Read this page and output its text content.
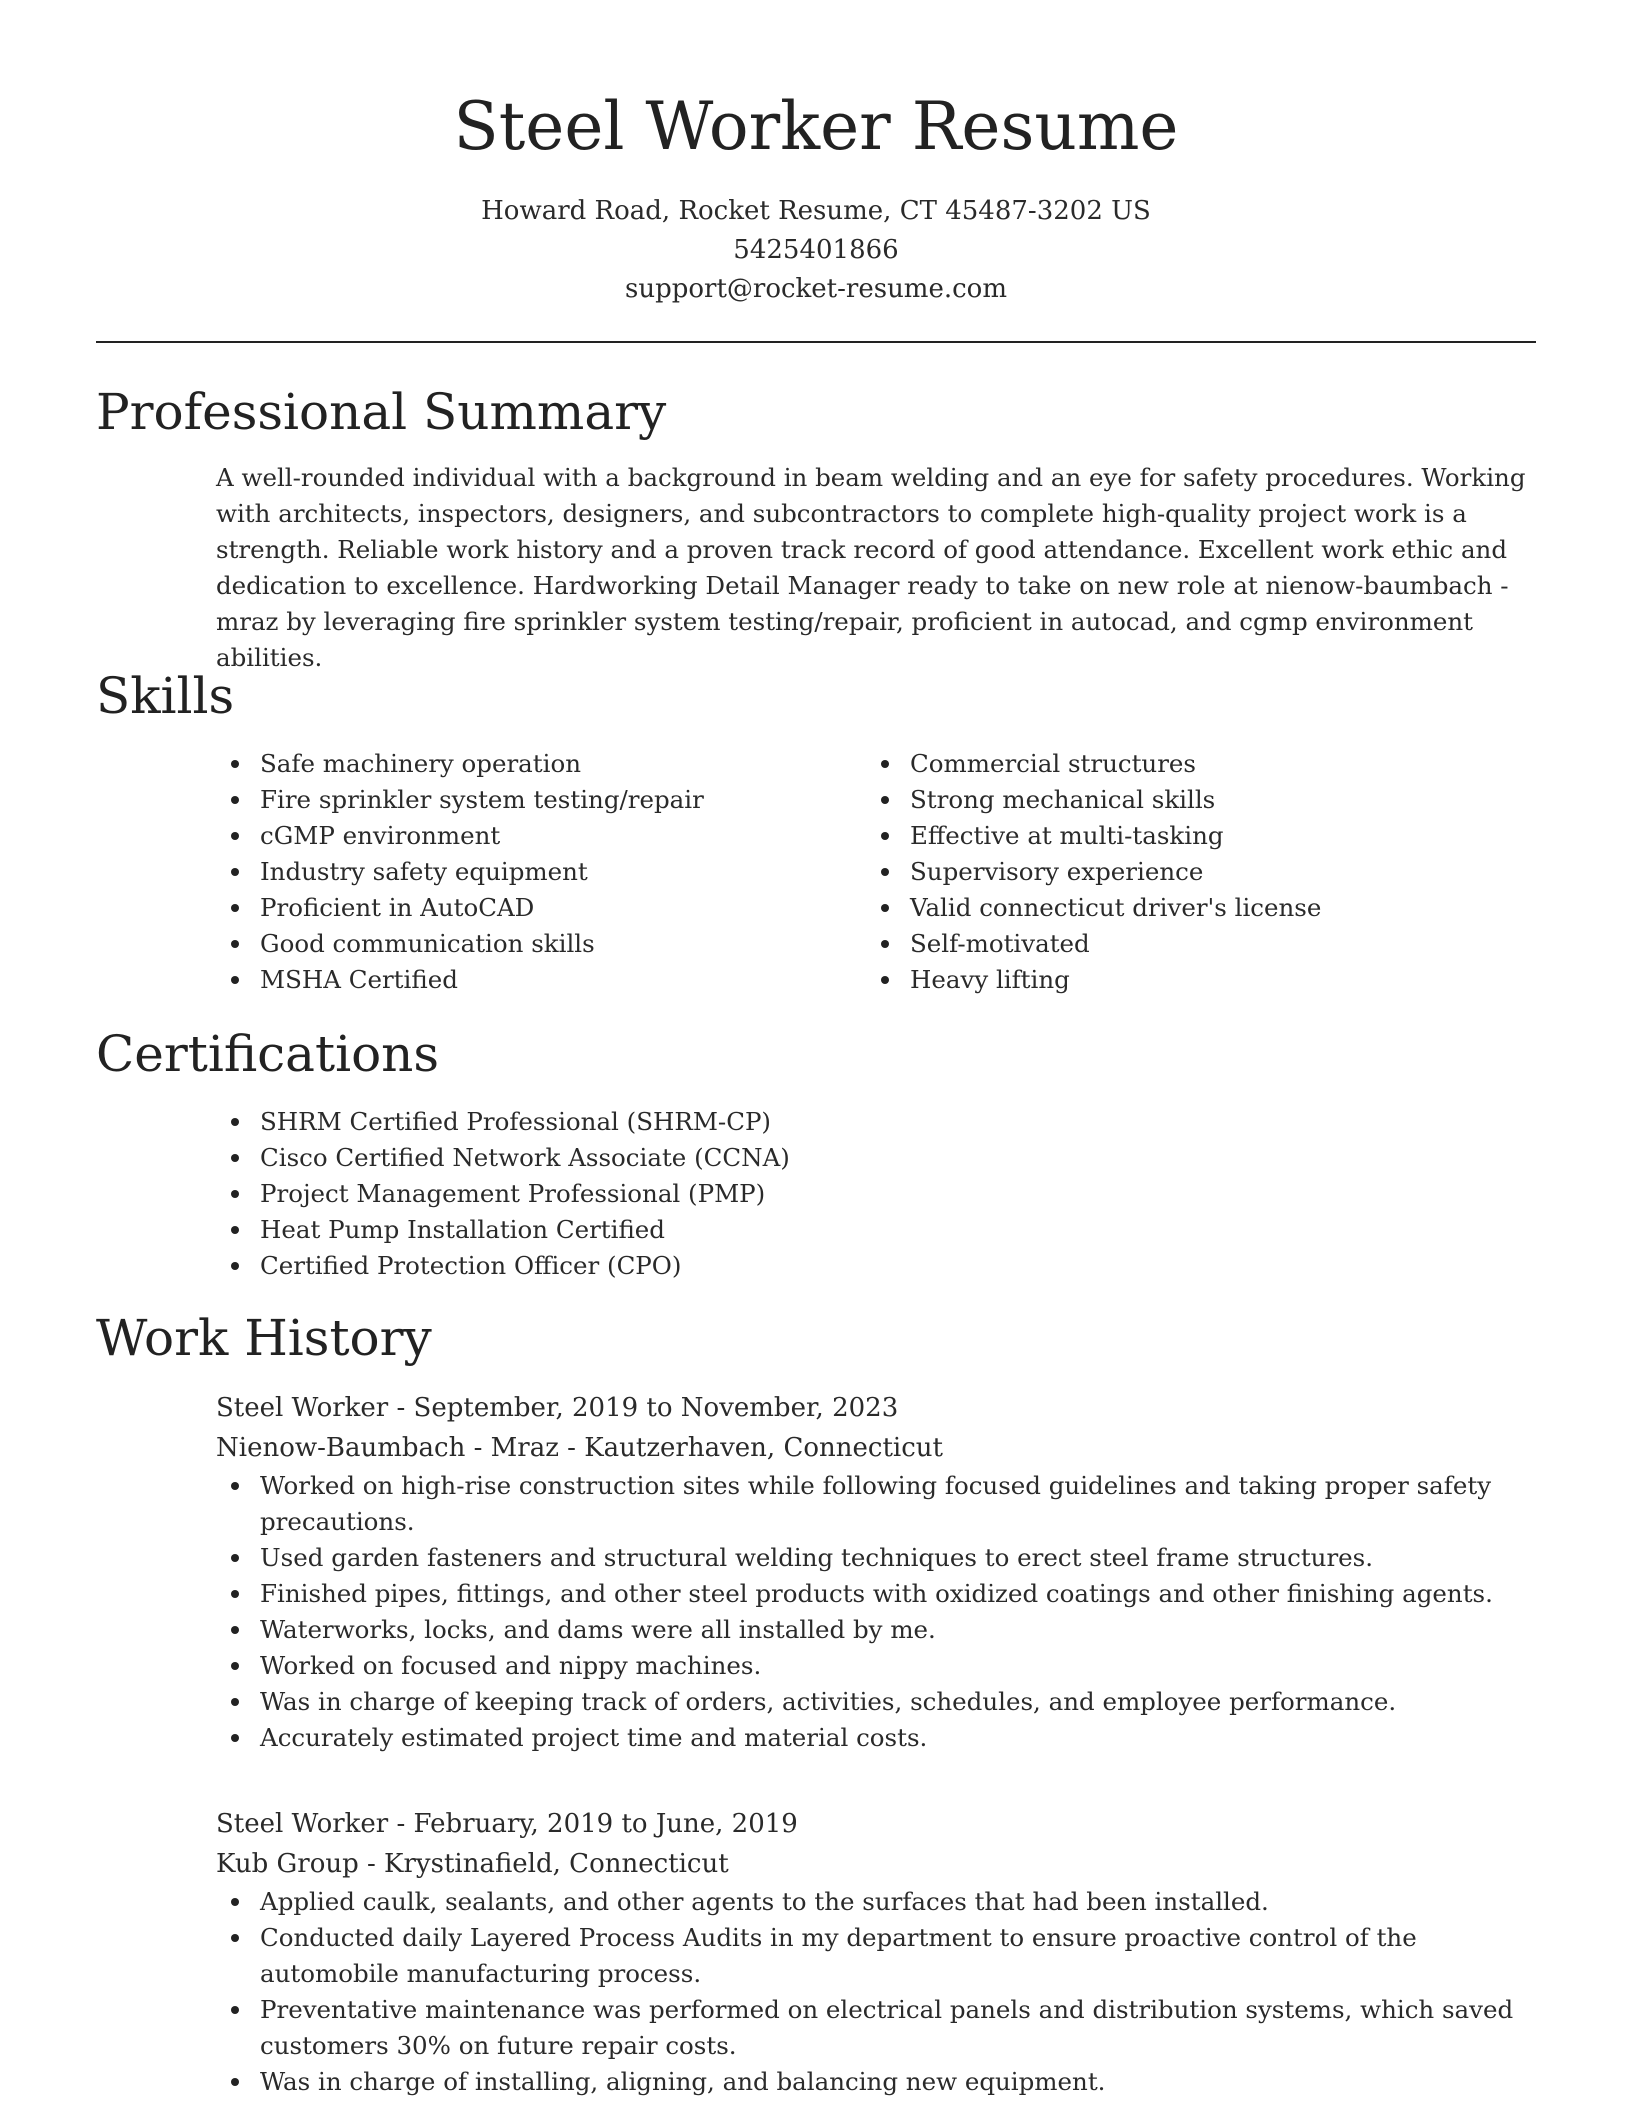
Steel Worker Resume
Howard Road, Rocket Resume, CT 45487-3202 US
5425401866
support@rocket-resume.com
Professional Summary
A well-rounded individual with a background in beam welding and an eye for safety procedures. Working with architects, inspectors, designers, and subcontractors to complete high-quality project work is a strength. Reliable work history and a proven track record of good attendance. Excellent work ethic and dedication to excellence. Hardworking Detail Manager ready to take on new role at nienow-baumbach - mraz by leveraging fire sprinkler system testing/repair, proficient in autocad, and cgmp environment abilities.
Skills
Safe machinery operation
Fire sprinkler system testing/repair
cGMP environment
Industry safety equipment
Proficient in AutoCAD
Good communication skills
MSHA Certified
Commercial structures
Strong mechanical skills
Effective at multi-tasking
Supervisory experience
Valid connecticut driver's license
Self-motivated
Heavy lifting
Certifications
SHRM Certified Professional (SHRM-CP)
Cisco Certified Network Associate (CCNA)
Project Management Professional (PMP)
Heat Pump Installation Certified
Certified Protection Officer (CPO)
Work History
Steel Worker - September, 2019 to November, 2023
Nienow-Baumbach - Mraz - Kautzerhaven, Connecticut
Worked on high-rise construction sites while following focused guidelines and taking proper safety precautions.
Used garden fasteners and structural welding techniques to erect steel frame structures.
Finished pipes, fittings, and other steel products with oxidized coatings and other finishing agents.
Waterworks, locks, and dams were all installed by me.
Worked on focused and nippy machines.
Was in charge of keeping track of orders, activities, schedules, and employee performance.
Accurately estimated project time and material costs.
Steel Worker - February, 2019 to June, 2019
Kub Group - Krystinafield, Connecticut
Applied caulk, sealants, and other agents to the surfaces that had been installed.
Conducted daily Layered Process Audits in my department to ensure proactive control of the automobile manufacturing process.
Preventative maintenance was performed on electrical panels and distribution systems, which saved customers 30% on future repair costs.
Was in charge of installing, aligning, and balancing new equipment.
